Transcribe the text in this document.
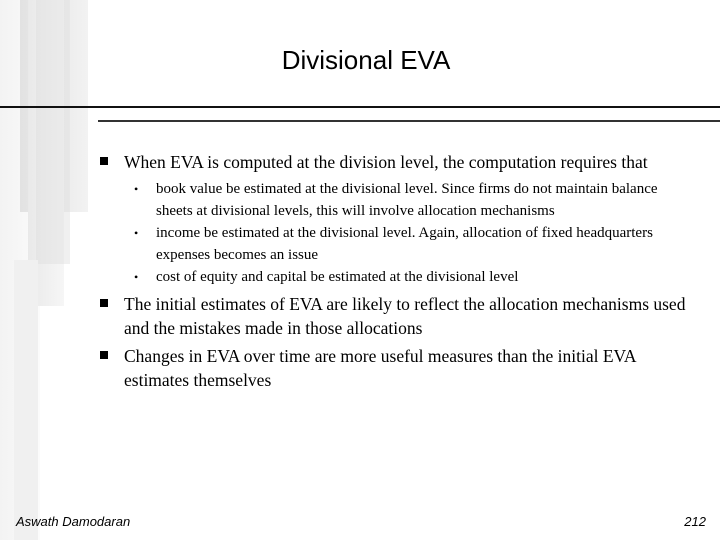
Divisional EVA
When EVA is computed at the division level, the computation requires that
• book value be estimated at the divisional level. Since firms do not maintain balance sheets at divisional levels, this will involve allocation mechanisms
• income be estimated at the divisional level. Again, allocation of fixed headquarters expenses becomes an issue
• cost of equity and capital be estimated at the divisional level
The initial estimates of EVA are likely to reflect the allocation mechanisms used and the mistakes made in those allocations
Changes in EVA over time are more useful measures than the initial EVA estimates themselves
Aswath Damodaran	212
